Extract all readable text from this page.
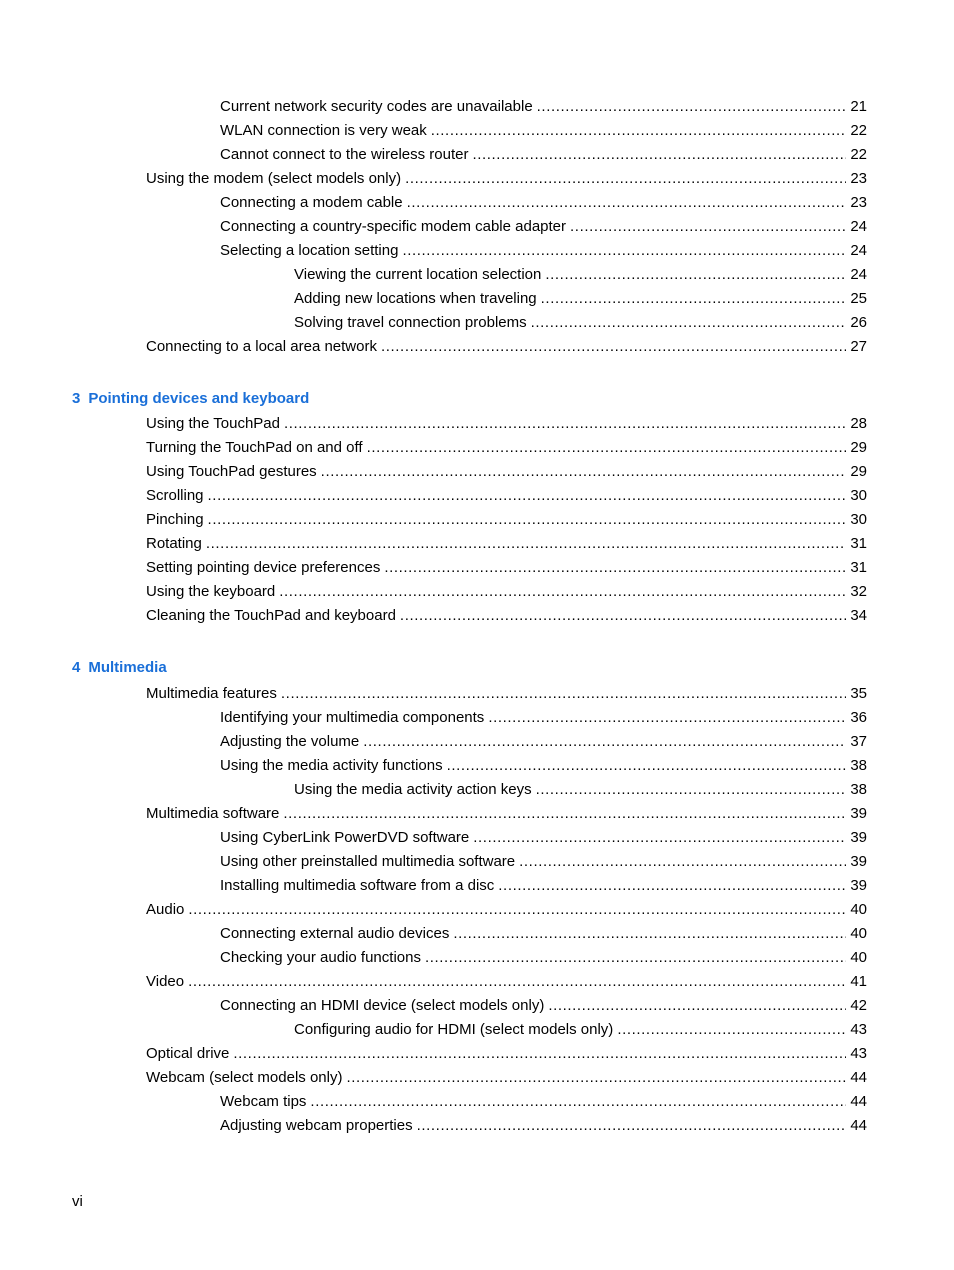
Current network security codes are unavailable .....	21
WLAN connection is very weak .....	22
Cannot connect to the wireless router .....	22
Using the modem (select models only) .....	23
Connecting a modem cable .....	23
Connecting a country-specific modem cable adapter .....	24
Selecting a location setting .....	24
Viewing the current location selection .....	24
Adding new locations when traveling .....	25
Solving travel connection problems .....	26
Connecting to a local area network .....	27
3 Pointing devices and keyboard
Using the TouchPad .....	28
Turning the TouchPad on and off .....	29
Using TouchPad gestures .....	29
Scrolling .....	30
Pinching .....	30
Rotating .....	31
Setting pointing device preferences .....	31
Using the keyboard .....	32
Cleaning the TouchPad and keyboard .....	34
4 Multimedia
Multimedia features .....	35
Identifying your multimedia components .....	36
Adjusting the volume .....	37
Using the media activity functions .....	38
Using the media activity action keys .....	38
Multimedia software .....	39
Using CyberLink PowerDVD software .....	39
Using other preinstalled multimedia software .....	39
Installing multimedia software from a disc .....	39
Audio .....	40
Connecting external audio devices .....	40
Checking your audio functions .....	40
Video .....	41
Connecting an HDMI device (select models only) .....	42
Configuring audio for HDMI (select models only) .....	43
Optical drive .....	43
Webcam (select models only) .....	44
Webcam tips .....	44
Adjusting webcam properties .....	44
vi
